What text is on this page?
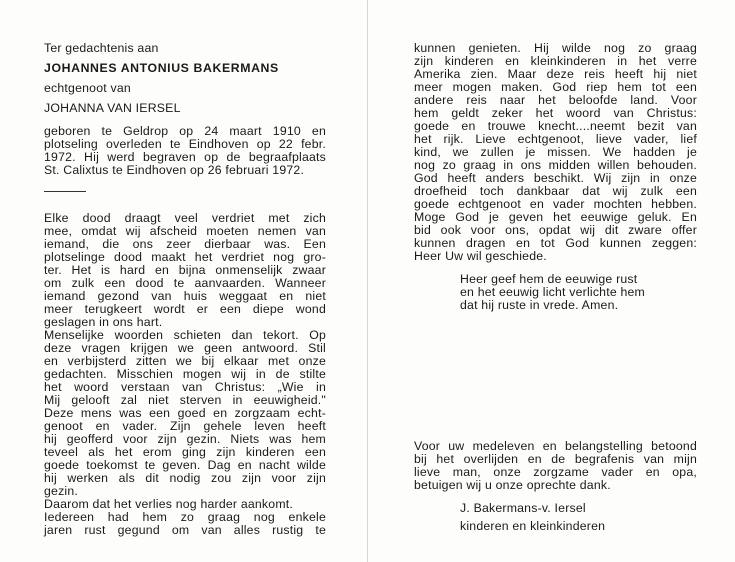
Ter gedachtenis aan
JOHANNES ANTONIUS BAKERMANS
echtgenoot van
JOHANNA VAN IERSEL
geboren te Geldrop op 24 maart 1910 en
plotseling overleden te Eindhoven op 22 febr.
1972. Hij werd begraven op de begraafplaats
St. Calixtus te Eindhoven op 26 februari 1972.
Elke dood draagt veel verdriet met zich
mee, omdat wij afscheid moeten nemen van
iemand, die ons zeer dierbaar was. Een
plotselinge dood maakt het verdriet nog gro-
ter. Het is hard en bijna onmenselijk zwaar
om zulk een dood te aanvaarden. Wanneer
iemand gezond van huis weggaat en niet
meer terugkeert wordt er een diepe wond
geslagen in ons hart.
Menselijke woorden schieten dan tekort. Op
deze vragen krijgen we geen antwoord. Stil
en verbijsterd zitten we bij elkaar met onze
gedachten. Misschien mogen wij in de stilte
het woord verstaan van Christus: „Wie in
Mij gelooft zal niet sterven in eeuwigheid."
Deze mens was een goed en zorgzaam echt-
genoot en vader. Zijn gehele leven heeft
hij geofferd voor zijn gezin. Niets was hem
teveel als het erom ging zijn kinderen een
goede toekomst te geven. Dag en nacht wilde
hij werken als dit nodig zou zijn voor zijn
gezin.
Daarom dat het verlies nog harder aankomt.
Iedereen had hem zo graag nog enkele
jaren rust gegund om van alles rustig te
kunnen genieten. Hij wilde nog zo graag
zijn kinderen en kleinkinderen in het verre
Amerika zien. Maar deze reis heeft hij niet
meer mogen maken. God riep hem tot een
andere reis naar het beloofde land. Voor
hem geldt zeker het woord van Christus:
goede en trouwe knecht....neemt bezit van
het rijk. Lieve echtgenoot, lieve vader, lief
kind, we zullen je missen. We hadden je
nog zo graag in ons midden willen behouden.
God heeft anders beschikt. Wij zijn in onze
droefheid toch dankbaar dat wij zulk een
goede echtgenoot en vader mochten hebben.
Moge God je geven het eeuwige geluk. En
bid ook voor ons, opdat wij dit zware offer
kunnen dragen en tot God kunnen zeggen:
Heer Uw wil geschiede.
Heer geef hem de eeuwige rust
en het eeuwig licht verlichte hem
dat hij ruste in vrede. Amen.
Voor uw medeleven en belangstelling betoond
bij het overlijden en de begrafenis van mijn
lieve man, onze zorgzame vader en opa,
betuigen wij u onze oprechte dank.
J. Bakermans-v. Iersel
kinderen en kleinkinderen
